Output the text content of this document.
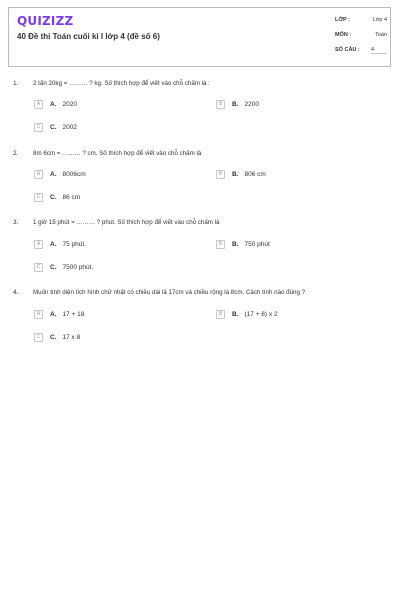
QUIZIZZ
40 Đề thi Toán cuối kì I lớp 4 (đề số 6)
LỚP :	Lớp 4
MÔN :	Toán
SỐ CÂU : 4
1. 2 tấn 20kg = ……… ? kg. Số thích hợp để viết vào chỗ chấm là :
A	A. 2020	B	B. 2200
C	C. 2002
2. 8m 6cm = ……… ? cm. Số thích hợp để viết vào chỗ chấm là
A	A. 8006cm	B	B. 806 cm
C	C. 86 cm
3. 1 giờ 15 phút = ……… ? phút. Số thích hợp để viết vào chỗ chấm là
A	A. 75 phút.	B	B. 750 phút
C	C. 7500 phút.
4. Muốn tính diện tích hình chữ nhật có chiều dài là 17cm và chiều rộng là 8cm. Cách tính nào đúng ?
A	A. 17 + 18	B	B. (17 + 8) x 2
C	C. 17 x 8
